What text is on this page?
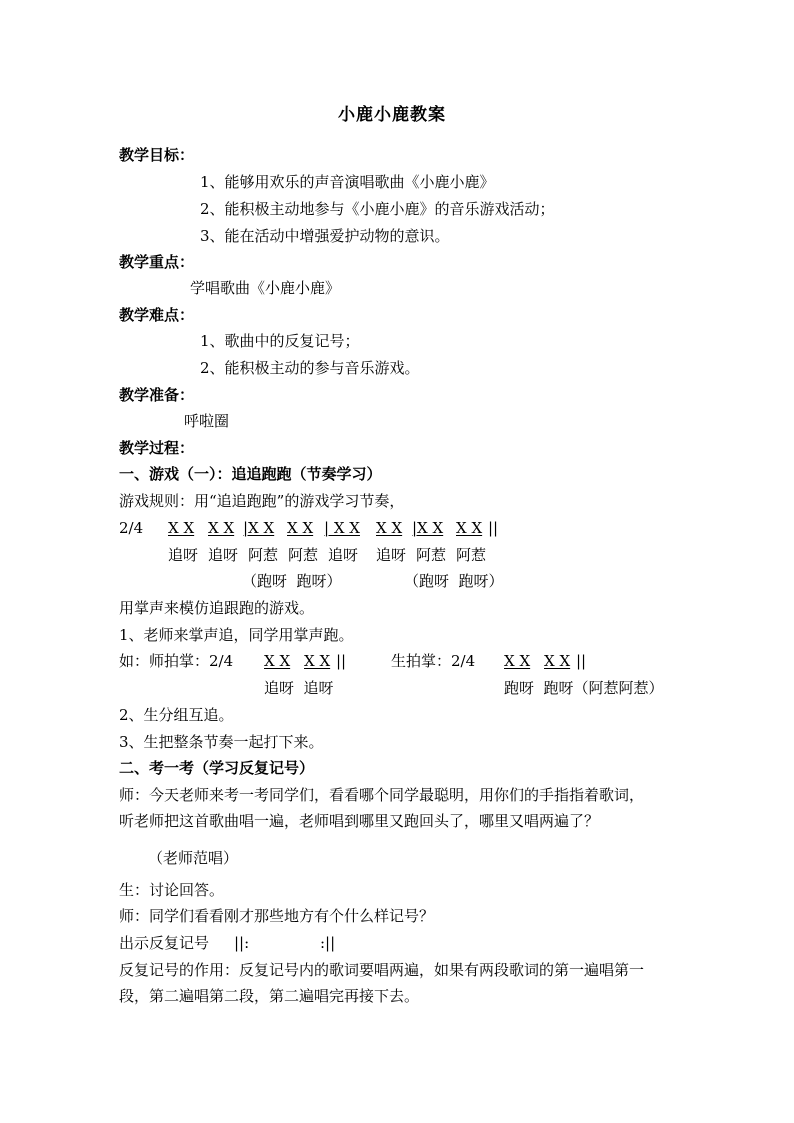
小鹿小鹿教案
教学目标：
1、能够用欢乐的声音演唱歌曲《小鹿小鹿》
2、能积极主动地参与《小鹿小鹿》的音乐游戏活动；
3、能在活动中增强爱护动物的意识。
教学重点：
学唱歌曲《小鹿小鹿》
教学难点：
1、歌曲中的反复记号；
2、能积极主动的参与音乐游戏。
教学准备：
呼啦圈
教学过程：
一、游戏（一）：追追跑跑（节奏学习）
游戏规则：用“追追跑跑”的游戏学习节奏，
2/4 X X X X |X X X X | X X X X |X X X X ||
追呀 追呀 阿惹 阿惹 追呀 追呀 阿惹 阿惹
（跑呀  跑呀）	（跑呀  跑呀）
用掌声来模仿追跟跑的游戏。
1、老师来掌声追，同学用掌声跑。
如：师拍掌：2/4 X X X X ||	生拍掌：2/4 X X X X ||
追呀  追呀	跑呀  跑呀（阿惹阿惹）
2、生分组互追。
3、生把整条节奏一起打下来。
二、考一考（学习反复记号）
师：今天老师来考一考同学们，看看哪个同学最聪明，用你们的手指指着歌词，
听老师把这首歌曲唱一遍，老师唱到哪里又跑回头了，哪里又唱两遍了？
（老师范唱）
生：讨论回答。
师：同学们看看刚才那些地方有个什么样记号？
出示反复记号 ||:	:||
反复记号的作用：反复记号内的歌词要唱两遍，如果有两段歌词的第一遍唱第一
段，第二遍唱第二段，第二遍唱完再接下去。
